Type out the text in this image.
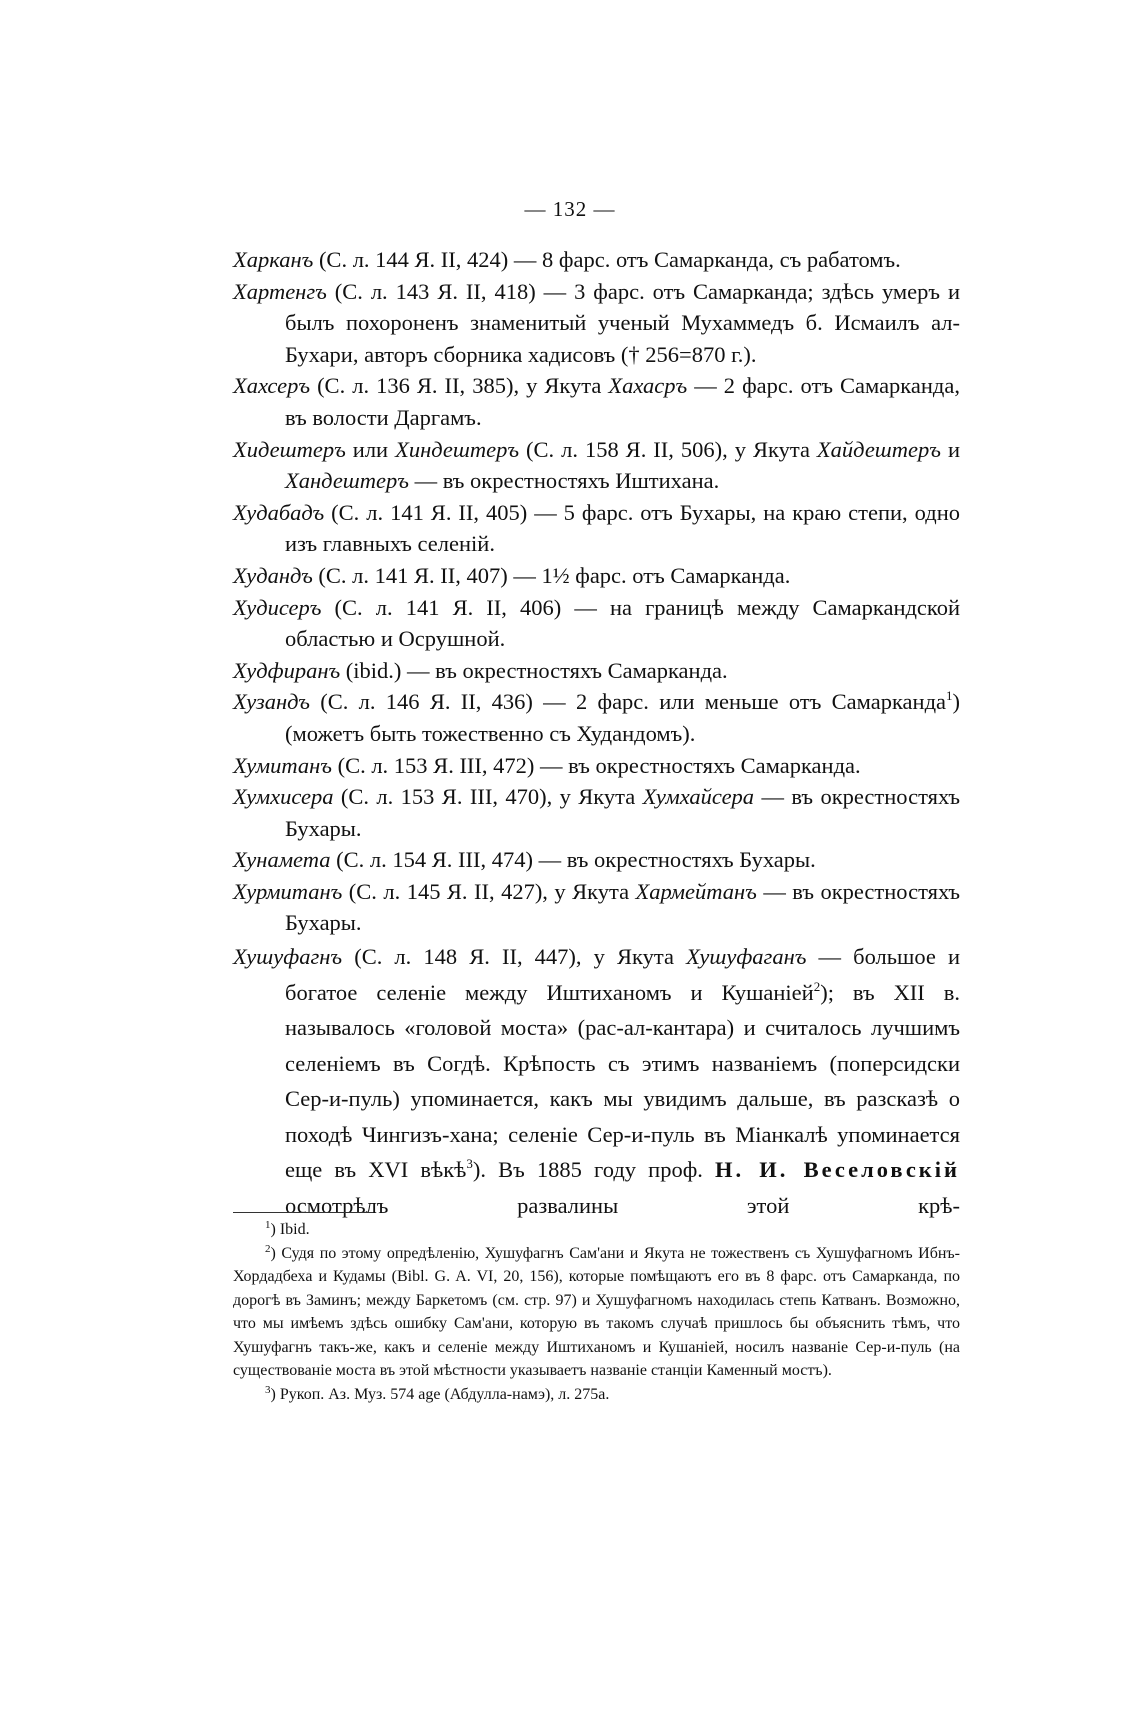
— 132 —

Харканъ (С. л. 144 Я. II, 424) — 8 фарс. отъ Самарканда, съ рабатомъ.

Хартенгъ (С. л. 143 Я. II, 418) — 3 фарс. отъ Самарканда; здѣсь умеръ и былъ похороненъ знаменитый ученый Мухаммедъ б. Исмаилъ ал-Бухари, авторъ сборника хадисовъ († 256=870 г.).

Хахсеръ (С. л. 136 Я. II, 385), у Якута Хахасръ — 2 фарс. отъ Самарканда, въ волости Даргамъ.

Хидештеръ или Хиндештеръ (С. л. 158 Я. II, 506), у Якута Хайдештеръ и Хандештеръ — въ окрестностяхъ Иштихана.

Худабадъ (С. л. 141 Я. II, 405) — 5 фарс. отъ Бухары, на краю степи, одно изъ главныхъ селеній.

Худандъ (С. л. 141 Я. II, 407) — 1½ фарс. отъ Самарканда.

Худисеръ (С. л. 141 Я. II, 406) — на границѣ между Самаркандской областью и Осрушной.

Худфиранъ (ibid.) — въ окрестностяхъ Самарканда.

Хузандъ (С. л. 146 Я. II, 436) — 2 фарс. или меньше отъ Самарканда$^1$) (можетъ быть тожественно съ Худандомъ).

Хумитанъ (С. л. 153 Я. III, 472) — въ окрестностяхъ Самарканда.

Хумхисера (С. л. 153 Я. III, 470), у Якута Хумхайсера — въ окрестностяхъ Бухары.

Хунамета (С. л. 154 Я. III, 474) — въ окрестностяхъ Бухары.

Хурмитанъ (С. л. 145 Я. II, 427), у Якута Хармейтанъ — въ окрестностяхъ Бухары.

Хушуфагнъ (С. л. 148 Я. II, 447), у Якута Хушуфаганъ — большое и богатое селеніе между Иштиханомъ и Кушаніей$^2$); въ XII в. называлось «головой моста» (рас-ал-кантара) и считалось лучшимъ селеніемъ въ Согдѣ. Крѣпость съ этимъ названіемъ (поперсидски Сер-и-пуль) упоминается, какъ мы увидимъ дальше, въ разсказѣ о походѣ Чингизъ-хана; селеніе Сер-и-пуль въ Міанкалѣ упоминается еще въ XVI вѣкѣ$^3$). Въ 1885 году проф. Н. И. Веселовскій осмотрѣлъ развалины этой крѣ-

$^1$) Ibid.

$^2$) Судя по этому опредѣленію, Хушуфагнъ Сам'ани и Якута не тожественъ съ Хушуфагномъ Ибнъ-Хордадбеха и Кудамы (Bibl. G. A. VI, 20, 156), которые помѣщаютъ его въ 8 фарс. отъ Самарканда, по дорогѣ въ Заминъ; между Баркетомъ (см. стр. 97) и Хушуфагномъ находилась степь Катванъ. Возможно, что мы имѣемъ здѣсь ошибку Сам'ани, которую въ такомъ случаѣ пришлось бы объяснить тѣмъ, что Хушуфагнъ такъ-же, какъ и селеніе между Иштиханомъ и Кушаніей, носилъ названіе Сер-и-пуль (на существованіе моста въ этой мѣстности указываетъ названіе станціи Каменный мостъ).

$^3$) Рукоп. Аз. Муз. 574 age (Абдулла-намэ), л. 275а.
